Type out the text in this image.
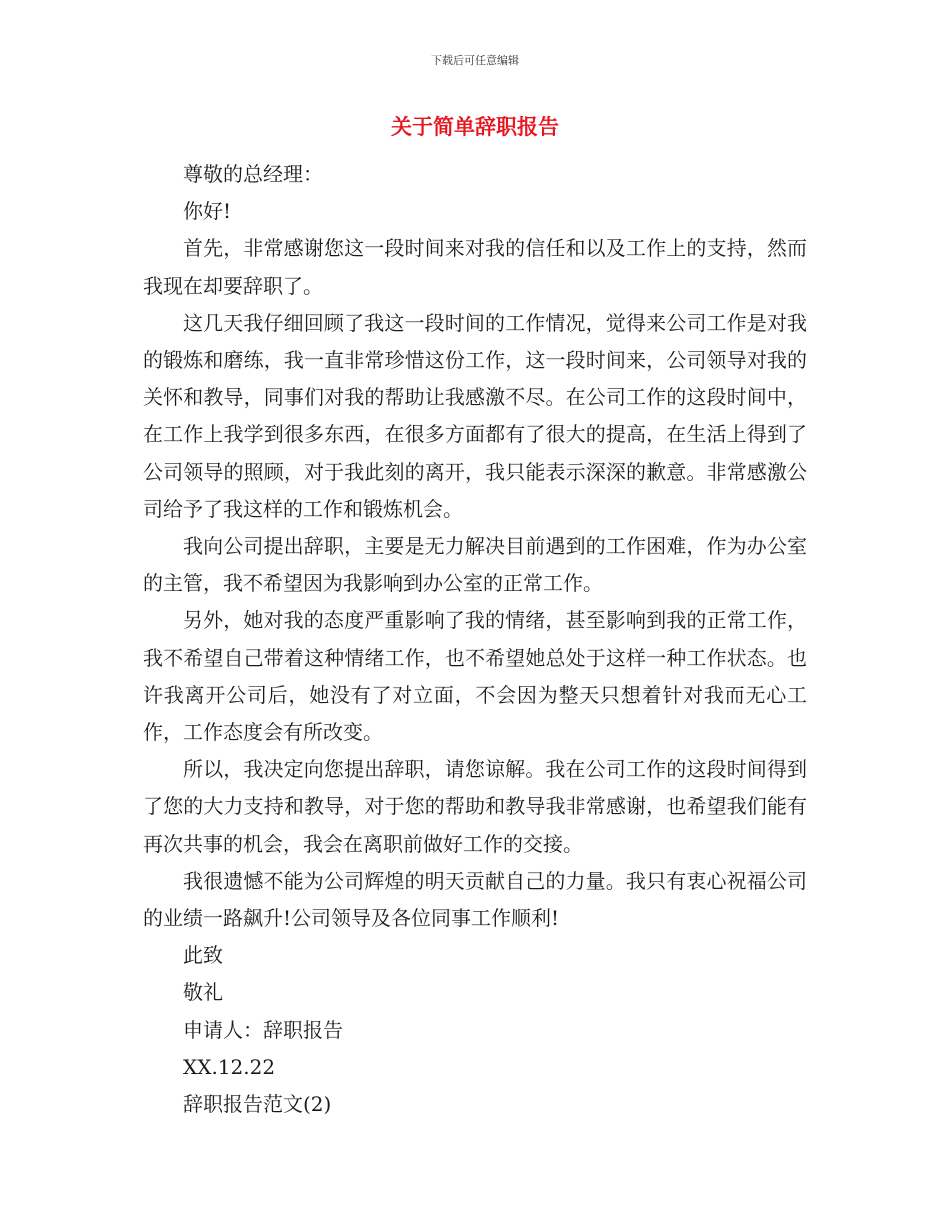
下载后可任意编辑
关于简单辞职报告

尊敬的总经理：

你好!

首先，非常感谢您这一段时间来对我的信任和以及工作上的支持，然而我现在却要辞职了。

这几天我仔细回顾了我这一段时间的工作情况，觉得来公司工作是对我的锻炼和磨练，我一直非常珍惜这份工作，这一段时间来，公司领导对我的关怀和教导，同事们对我的帮助让我感激不尽。在公司工作的这段时间中，在工作上我学到很多东西，在很多方面都有了很大的提高，在生活上得到了公司领导的照顾，对于我此刻的离开，我只能表示深深的歉意。非常感激公司给予了我这样的工作和锻炼机会。

我向公司提出辞职，主要是无力解决目前遇到的工作困难，作为办公室的主管，我不希望因为我影响到办公室的正常工作。

另外，她对我的态度严重影响了我的情绪，甚至影响到我的正常工作，我不希望自己带着这种情绪工作，也不希望她总处于这样一种工作状态。也许我离开公司后，她没有了对立面，不会因为整天只想着针对我而无心工作，工作态度会有所改变。

所以，我决定向您提出辞职，请您谅解。我在公司工作的这段时间得到了您的大力支持和教导，对于您的帮助和教导我非常感谢，也希望我们能有再次共事的机会，我会在离职前做好工作的交接。

我很遗憾不能为公司辉煌的明天贡献自己的力量。我只有衷心祝福公司的业绩一路飙升!公司领导及各位同事工作顺利!

此致

敬礼

申请人：辞职报告

XX.12.22

辞职报告范文(2)
